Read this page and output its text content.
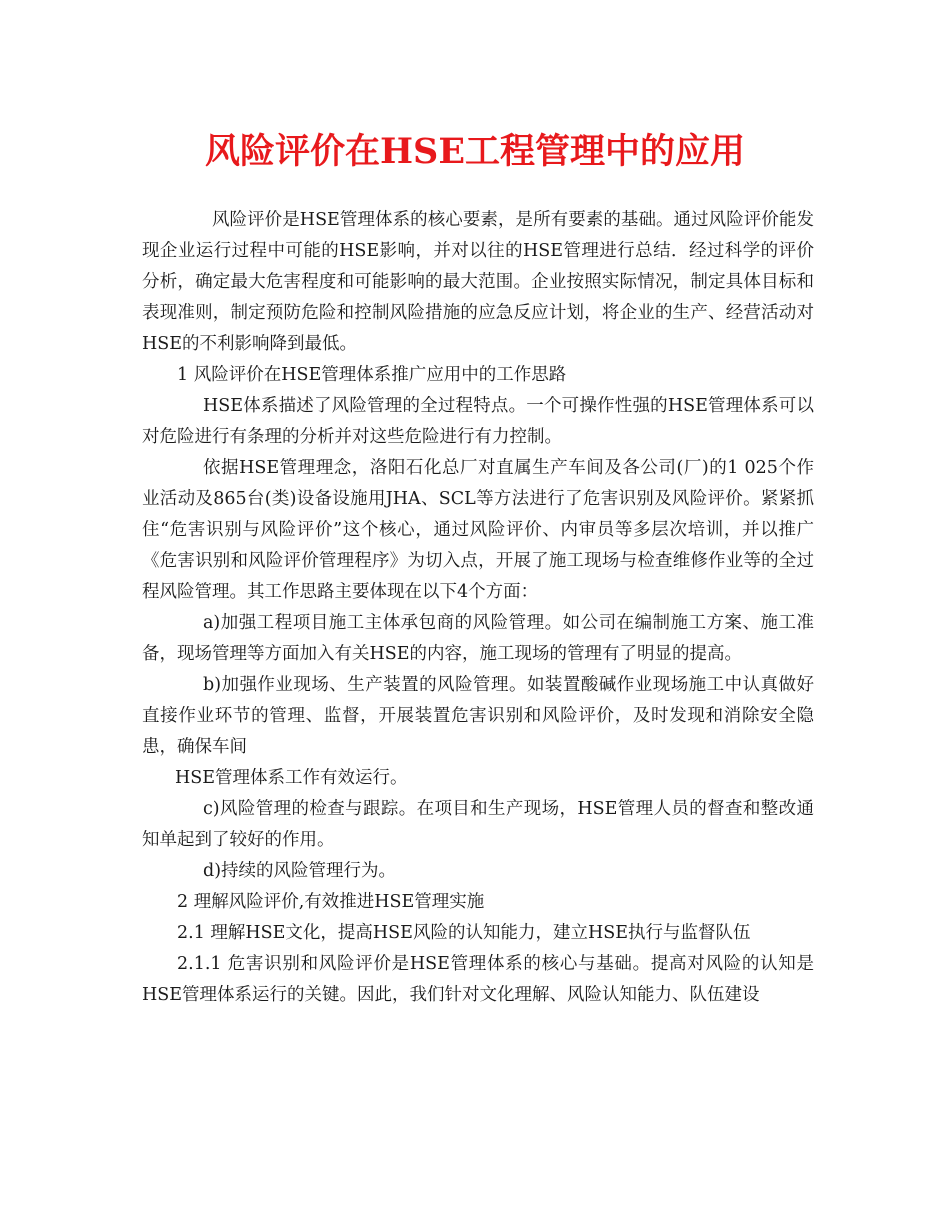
风险评价在HSE工程管理中的应用

风险评价是HSE管理体系的核心要素，是所有要素的基础。通过风险评价能发现企业运行过程中可能的HSE影响，并对以往的HSE管理进行总结．经过科学的评价分析，确定最大危害程度和可能影响的最大范围。企业按照实际情况，制定具体目标和表现准则，制定预防危险和控制风险措施的应急反应计划，将企业的生产、经营活动对HSE的不利影响降到最低。

1 风险评价在HSE管理体系推广应用中的工作思路

HSE体系描述了风险管理的全过程特点。一个可操作性强的HSE管理体系可以对危险进行有条理的分析并对这些危险进行有力控制。

依据HSE管理理念，洛阳石化总厂对直属生产车间及各公司(厂)的1 025个作业活动及865台(类)设备设施用JHA、SCL等方法进行了危害识别及风险评价。紧紧抓住“危害识别与风险评价”这个核心，通过风险评价、内审员等多层次培训，并以推广《危害识别和风险评价管理程序》为切入点，开展了施工现场与检查维修作业等的全过程风险管理。其工作思路主要体现在以下4个方面：

a)加强工程项目施工主体承包商的风险管理。如公司在编制施工方案、施工准备，现场管理等方面加入有关HSE的内容，施工现场的管理有了明显的提高。

b)加强作业现场、生产装置的风险管理。如装置酸碱作业现场施工中认真做好直接作业环节的管理、监督，开展装置危害识别和风险评价，及时发现和消除安全隐患，确保车间

HSE管理体系工作有效运行。

c)风险管理的检查与跟踪。在项目和生产现场，HSE管理人员的督查和整改通知单起到了较好的作用。

d)持续的风险管理行为。

2 理解风险评价,有效推进HSE管理实施

2.1 理解HSE文化，提高HSE风险的认知能力，建立HSE执行与监督队伍

2.1.1 危害识别和风险评价是HSE管理体系的核心与基础。提高对风险的认知是HSE管理体系运行的关键。因此，我们针对文化理解、风险认知能力、队伍建设
